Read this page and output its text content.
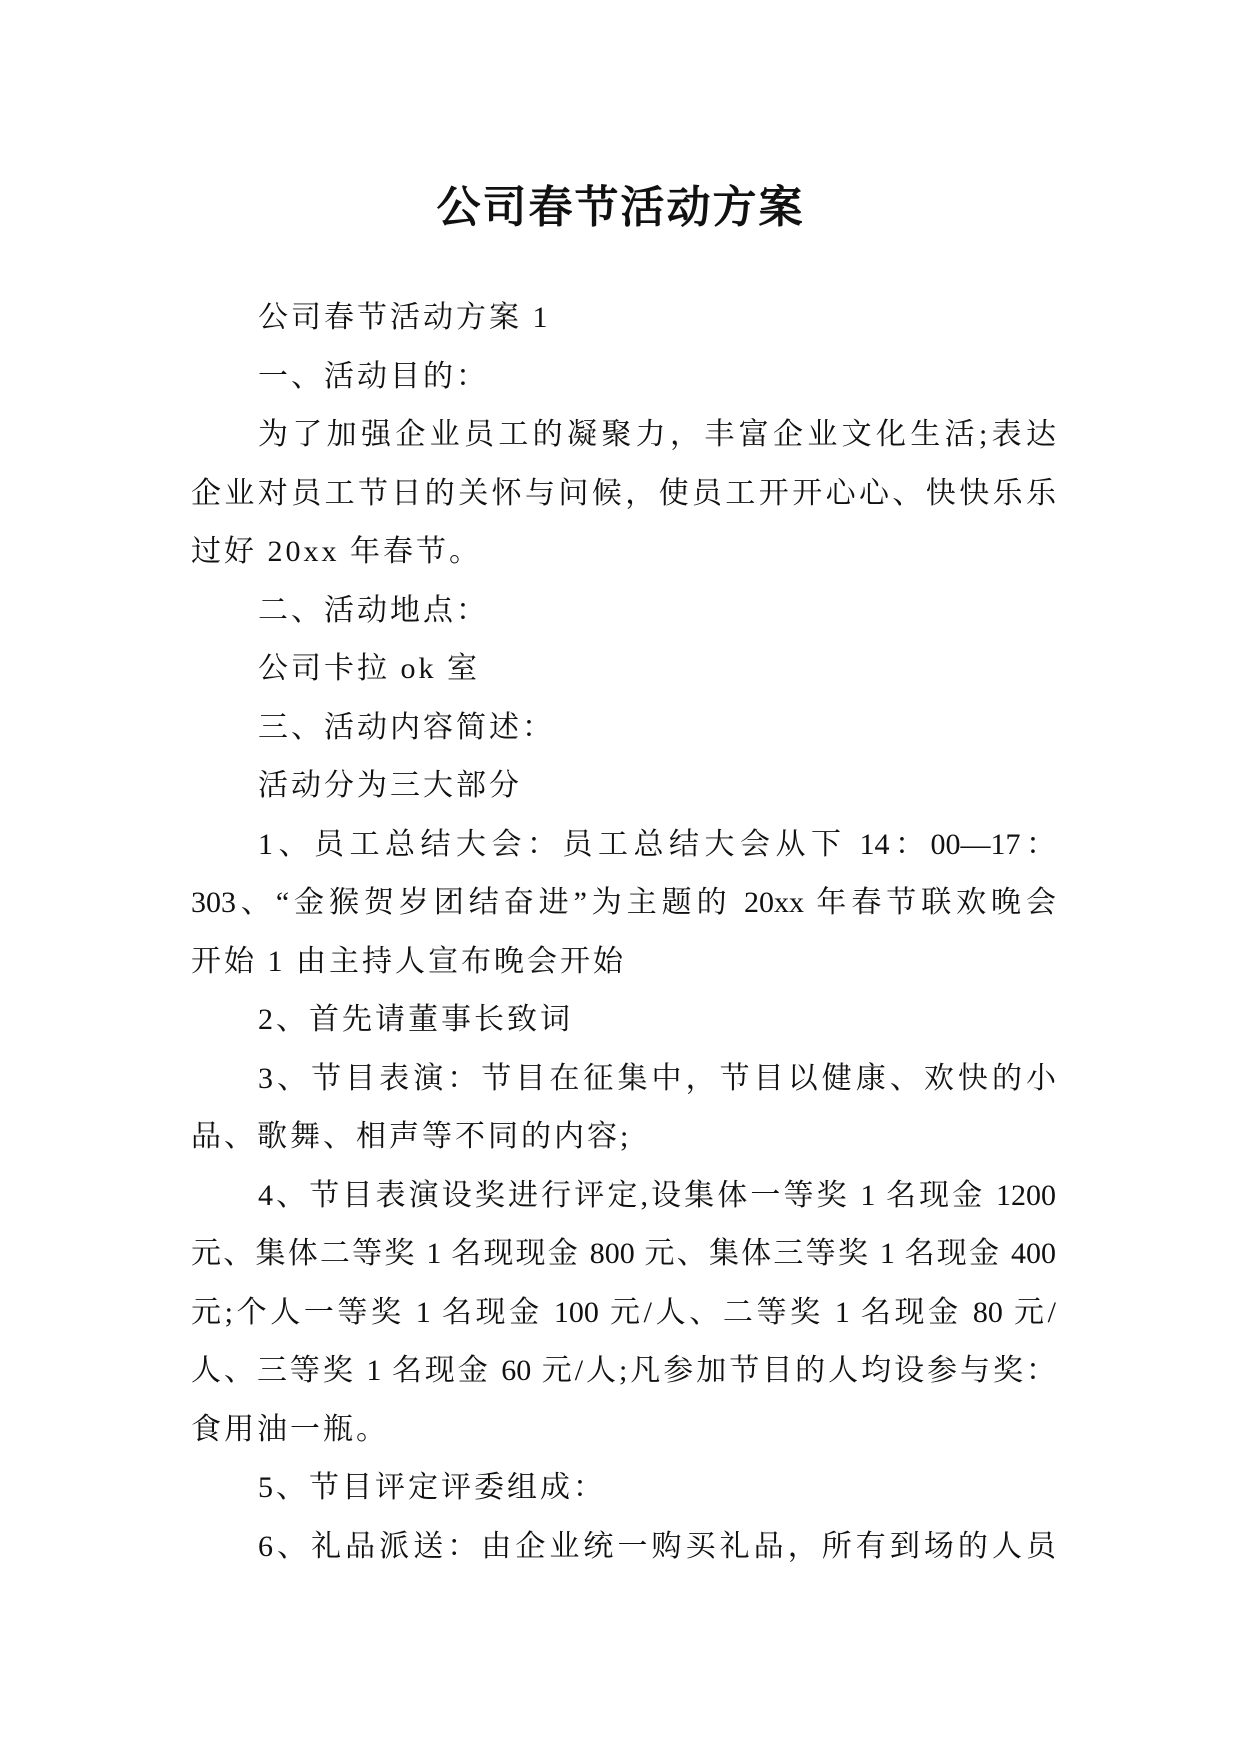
公司春节活动方案
公司春节活动方案 1
一、活动目的：
为了加强企业员工的凝聚力，丰富企业文化生活;表达
企业对员工节日的关怀与问候，使员工开开心心、快快乐乐
过好 20xx 年春节。
二、活动地点：
公司卡拉 ok 室
三、活动内容简述：
活动分为三大部分
1、员工总结大会：员工总结大会从下 14：00—17：
303、“金猴贺岁团结奋进”为主题的 20xx 年春节联欢晚会
开始 1 由主持人宣布晚会开始
2、首先请董事长致词
3、节目表演：节目在征集中，节目以健康、欢快的小
品、歌舞、相声等不同的内容;
4、节目表演设奖进行评定,设集体一等奖 1 名现金 1200
元、集体二等奖 1 名现现金 800 元、集体三等奖 1 名现金 400
元;个人一等奖 1 名现金 100 元/人、二等奖 1 名现金 80 元/
人、三等奖 1 名现金 60 元/人;凡参加节目的人均设参与奖：
食用油一瓶。
5、节目评定评委组成：
6、礼品派送：由企业统一购买礼品，所有到场的人员
